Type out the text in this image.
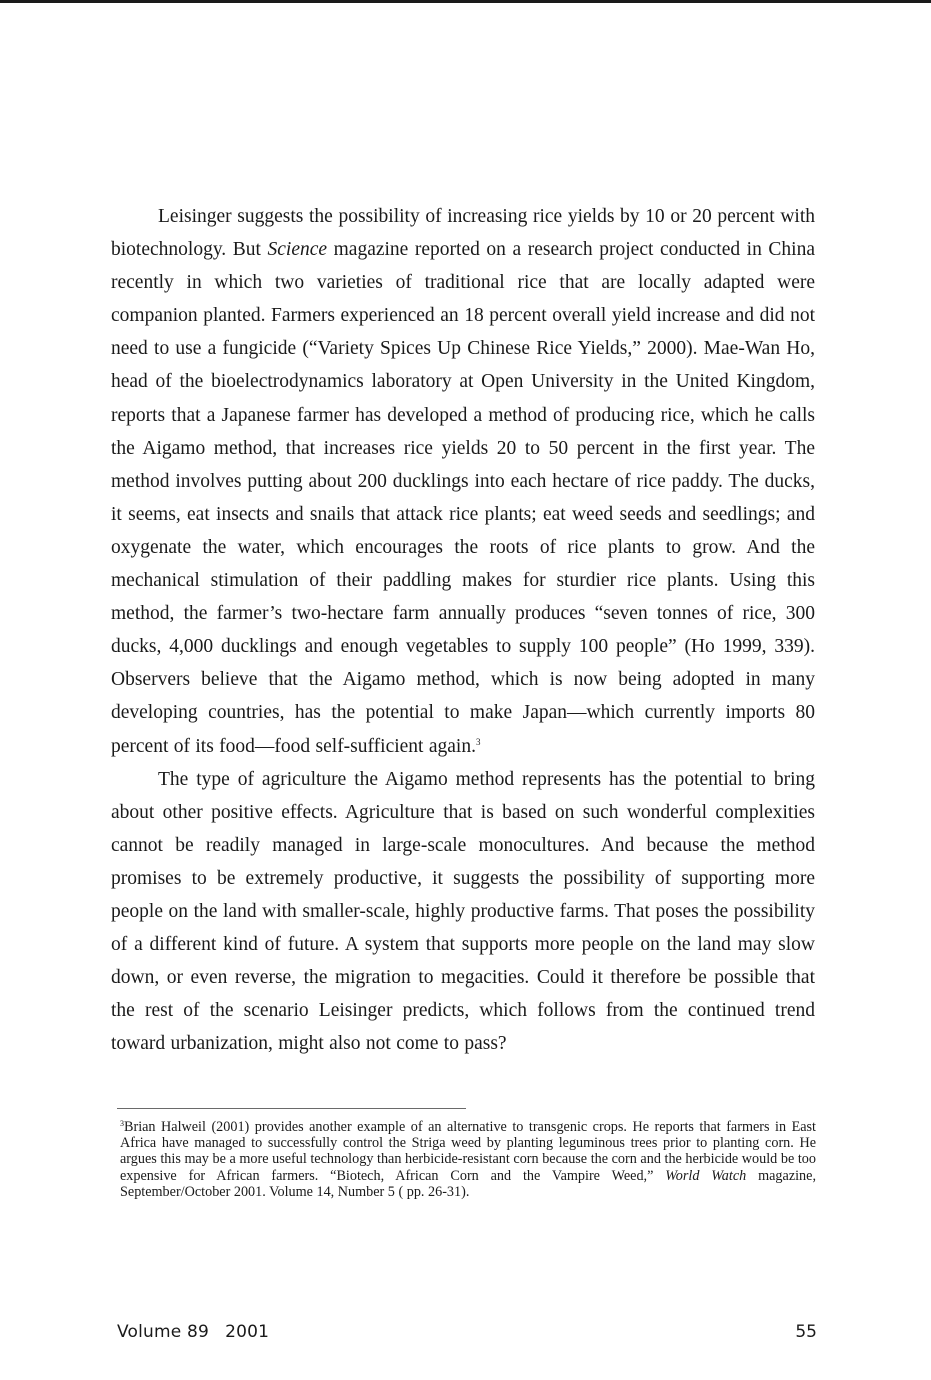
Leisinger suggests the possibility of increasing rice yields by 10 or 20 percent with biotechnology. But Science magazine reported on a research project conducted in China recently in which two varieties of traditional rice that are locally adapted were companion planted. Farmers experienced an 18 percent overall yield increase and did not need to use a fungicide (“Variety Spices Up Chinese Rice Yields,” 2000). Mae-Wan Ho, head of the bioelectrodynamics laboratory at Open University in the United Kingdom, reports that a Japanese farmer has developed a method of producing rice, which he calls the Aigamo method, that increases rice yields 20 to 50 percent in the first year. The method involves putting about 200 ducklings into each hectare of rice paddy. The ducks, it seems, eat insects and snails that attack rice plants; eat weed seeds and seedlings; and oxygenate the water, which encourages the roots of rice plants to grow. And the mechanical stimulation of their paddling makes for sturdier rice plants. Using this method, the farmer’s two-hectare farm annually produces “seven tonnes of rice, 300 ducks, 4,000 ducklings and enough vegetables to supply 100 people” (Ho 1999, 339). Observers believe that the Aigamo method, which is now being adopted in many developing countries, has the potential to make Japan—which currently imports 80 percent of its food—food self-sufficient again.$^3$

The type of agriculture the Aigamo method represents has the potential to bring about other positive effects. Agriculture that is based on such wonderful complexities cannot be readily managed in large-scale monocultures. And because the method promises to be extremely productive, it suggests the possibility of supporting more people on the land with smaller-scale, highly productive farms. That poses the possibility of a different kind of future. A system that supports more people on the land may slow down, or even reverse, the migration to megacities. Could it therefore be possible that the rest of the scenario Leisinger predicts, which follows from the continued trend toward urbanization, might also not come to pass?

$^3$Brian Halweil (2001) provides another example of an alternative to transgenic crops. He reports that farmers in East Africa have managed to successfully control the Striga weed by planting leguminous trees prior to planting corn. He argues this may be a more useful technology than herbicide-resistant corn because the corn and the herbicide would be too expensive for African farmers. “Biotech, African Corn and the Vampire Weed,” World Watch magazine, September/October 2001. Volume 14, Number 5 ( pp. 26-31).

Volume 89 2001	55
